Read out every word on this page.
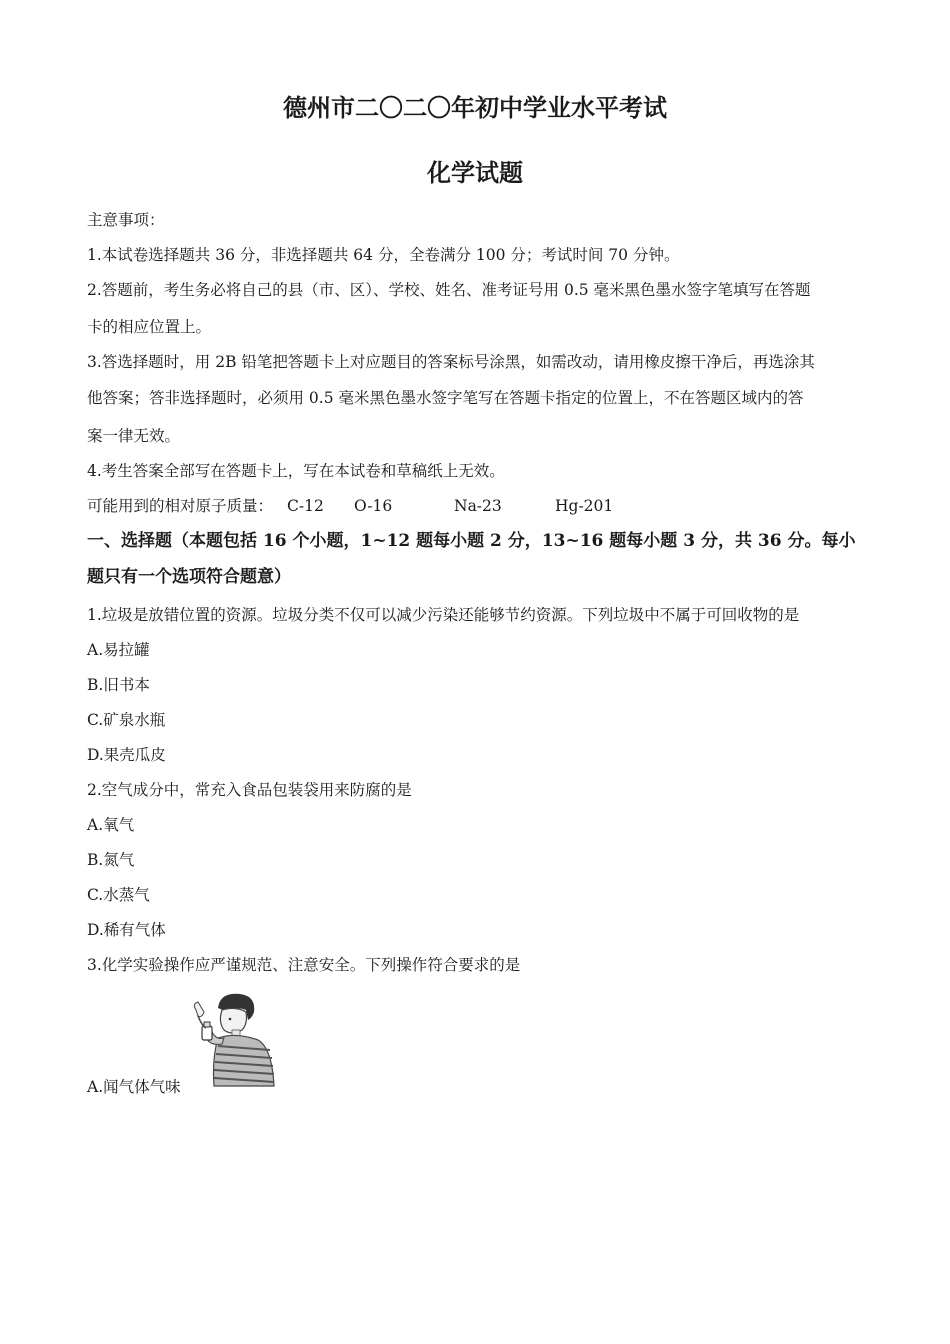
德州市二〇二〇年初中学业水平考试
化学试题

主意事项：

1.本试卷选择题共 36 分，非选择题共 64 分，全卷满分 100 分；考试时间 70 分钟。

2.答题前，考生务必将自己的县（市、区）、学校、姓名、准考证号用 0.5 毫米黑色墨水签字笔填写在答题

卡的相应位置上。

3.答选择题时，用 2B 铅笔把答题卡上对应题目的答案标号涂黑，如需改动，请用橡皮擦干净后，再选涂其

他答案；答非选择题时，必须用 0.5 毫米黑色墨水签字笔写在答题卡指定的位置上，不在答题区域内的答

案一律无效。

4.考生答案全部写在答题卡上，写在本试卷和草稿纸上无效。

可能用到的相对原子质量： C-12 O-16	Na-23	Hg-201

一、选择题（本题包括 16 个小题，1~12 题每小题 2 分，13~16 题每小题 3 分，共 36 分。每小

题只有一个选项符合题意）

1.垃圾是放错位置的资源。垃圾分类不仅可以减少污染还能够节约资源。下列垃圾中不属于可回收物的是

A.易拉罐

B.旧书本

C.矿泉水瓶

D.果壳瓜皮

2.空气成分中，常充入食品包装袋用来防腐的是

A.氧气

B.氮气

C.水蒸气

D.稀有气体

3.化学实验操作应严谨规范、注意安全。下列操作符合要求的是

A.闻气体气味
